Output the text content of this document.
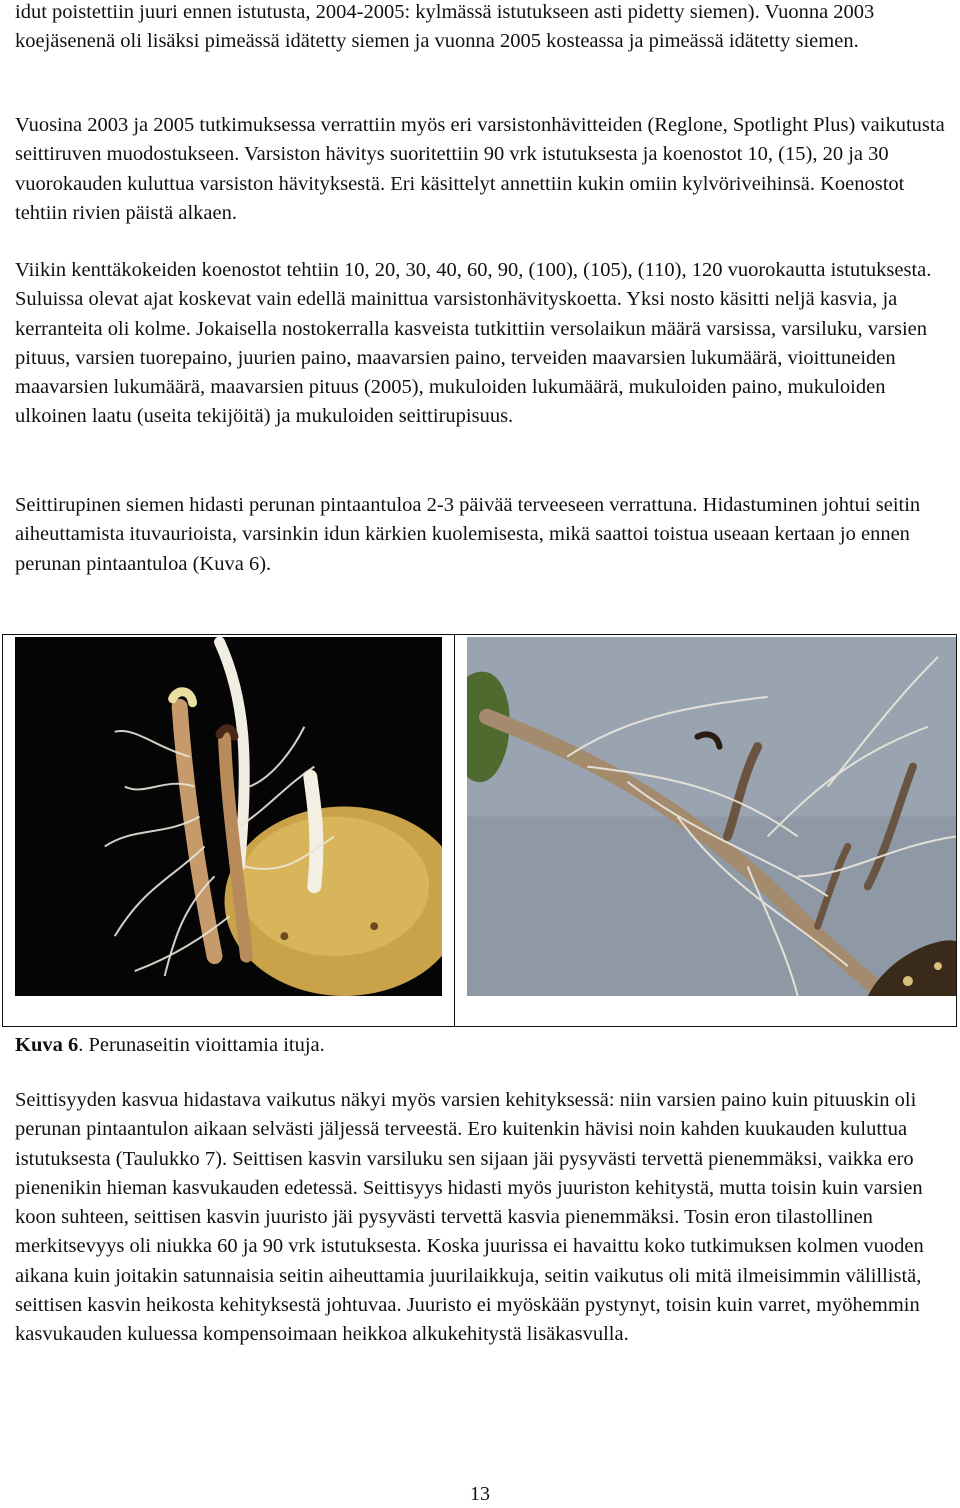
idut poistettiin juuri ennen istutusta, 2004-2005: kylmässä istutukseen asti pidetty siemen). Vuonna 2003 koejäsenenä oli lisäksi pimeässä idätetty siemen ja vuonna 2005 kosteassa ja pimeässä idätetty siemen.

Vuosina 2003 ja 2005 tutkimuksessa verrattiin myös eri varsistonhävitteiden (Reglone, Spotlight Plus) vaikutusta seittiruven muodostukseen. Varsiston hävitys suoritettiin 90 vrk istutuksesta ja koenostot 10, (15), 20 ja 30 vuorokauden kuluttua varsiston hävityksestä. Eri käsittelyt annettiin kukin omiin kylvöriveihinsä. Koenostot tehtiin rivien päistä alkaen.

Viikin kenttäkokeiden koenostot tehtiin 10, 20, 30, 40, 60, 90, (100), (105), (110), 120 vuorokautta istutuksesta. Suluissa olevat ajat koskevat vain edellä mainittua varsistonhävityskoetta. Yksi nosto käsitti neljä kasvia, ja kerranteita oli kolme. Jokaisella nostokerralla kasveista tutkittiin versolaikun määrä varsissa, varsiluku, varsien pituus, varsien tuorepaino, juurien paino, maavarsien paino, terveiden maavarsien lukumäärä, vioittuneiden maavarsien lukumäärä, maavarsien pituus (2005), mukuloiden lukumäärä, mukuloiden paino, mukuloiden ulkoinen laatu (useita tekijöitä) ja mukuloiden seittirupisuus.

Seittirupinen siemen hidasti perunan pintaantuloa 2-3 päivää terveeseen verrattuna. Hidastuminen johtui seitin aiheuttamista ituvaurioista, varsinkin idun kärkien kuolemisesta, mikä saattoi toistua useaan kertaan jo ennen perunan pintaantuloa (Kuva 6).

Kuva 6. Perunaseitin vioittamia ituja.

Seittisyyden kasvua hidastava vaikutus näkyi myös varsien kehityksessä: niin varsien paino kuin pituuskin oli perunan pintaantulon aikaan selvästi jäljessä terveestä. Ero kuitenkin hävisi noin kahden kuukauden kuluttua istutuksesta (Taulukko 7). Seittisen kasvin varsiluku sen sijaan jäi pysyvästi tervettä pienemmäksi, vaikka ero pienenikin hieman kasvukauden edetessä. Seittisyys hidasti myös juuriston kehitystä, mutta toisin kuin varsien koon suhteen, seittisen kasvin juuristo jäi pysyvästi tervettä kasvia pienemmäksi. Tosin eron tilastollinen merkitsevyys oli niukka 60 ja 90 vrk istutuksesta. Koska juurissa ei havaittu koko tutkimuksen kolmen vuoden aikana kuin joitakin satunnaisia seitin aiheuttamia juurilaikkuja, seitin vaikutus oli mitä ilmeisimmin välillistä, seittisen kasvin heikosta kehityksestä johtuvaa. Juuristo ei myöskään pystynyt, toisin kuin varret, myöhemmin kasvukauden kuluessa kompensoimaan heikkoa alkukehitystä lisäkasvulla.

13
